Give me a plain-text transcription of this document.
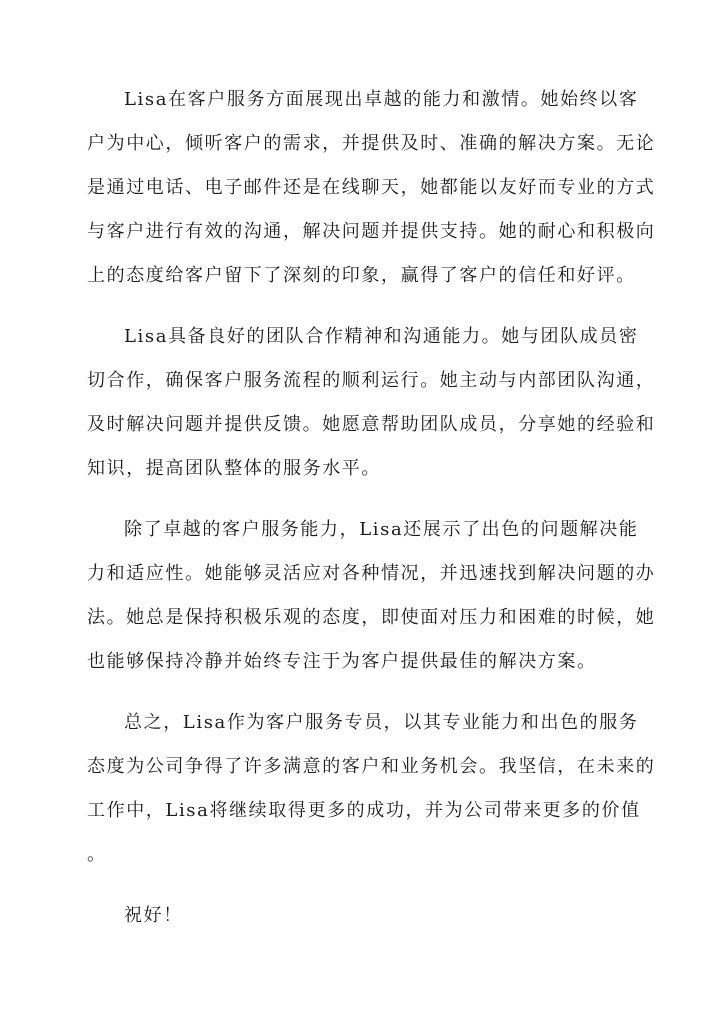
Lisa在客户服务方面展现出卓越的能力和激情。她始终以客
户为中心，倾听客户的需求，并提供及时、准确的解决方案。无论
是通过电话、电子邮件还是在线聊天，她都能以友好而专业的方式
与客户进行有效的沟通，解决问题并提供支持。她的耐心和积极向
上的态度给客户留下了深刻的印象，赢得了客户的信任和好评。
Lisa具备良好的团队合作精神和沟通能力。她与团队成员密
切合作，确保客户服务流程的顺利运行。她主动与内部团队沟通，
及时解决问题并提供反馈。她愿意帮助团队成员，分享她的经验和
知识，提高团队整体的服务水平。
除了卓越的客户服务能力，Lisa还展示了出色的问题解决能
力和适应性。她能够灵活应对各种情况，并迅速找到解决问题的办
法。她总是保持积极乐观的态度，即使面对压力和困难的时候，她
也能够保持冷静并始终专注于为客户提供最佳的解决方案。
总之，Lisa作为客户服务专员，以其专业能力和出色的服务
态度为公司争得了许多满意的客户和业务机会。我坚信，在未来的
工作中，Lisa将继续取得更多的成功，并为公司带来更多的价值
。
祝好！
